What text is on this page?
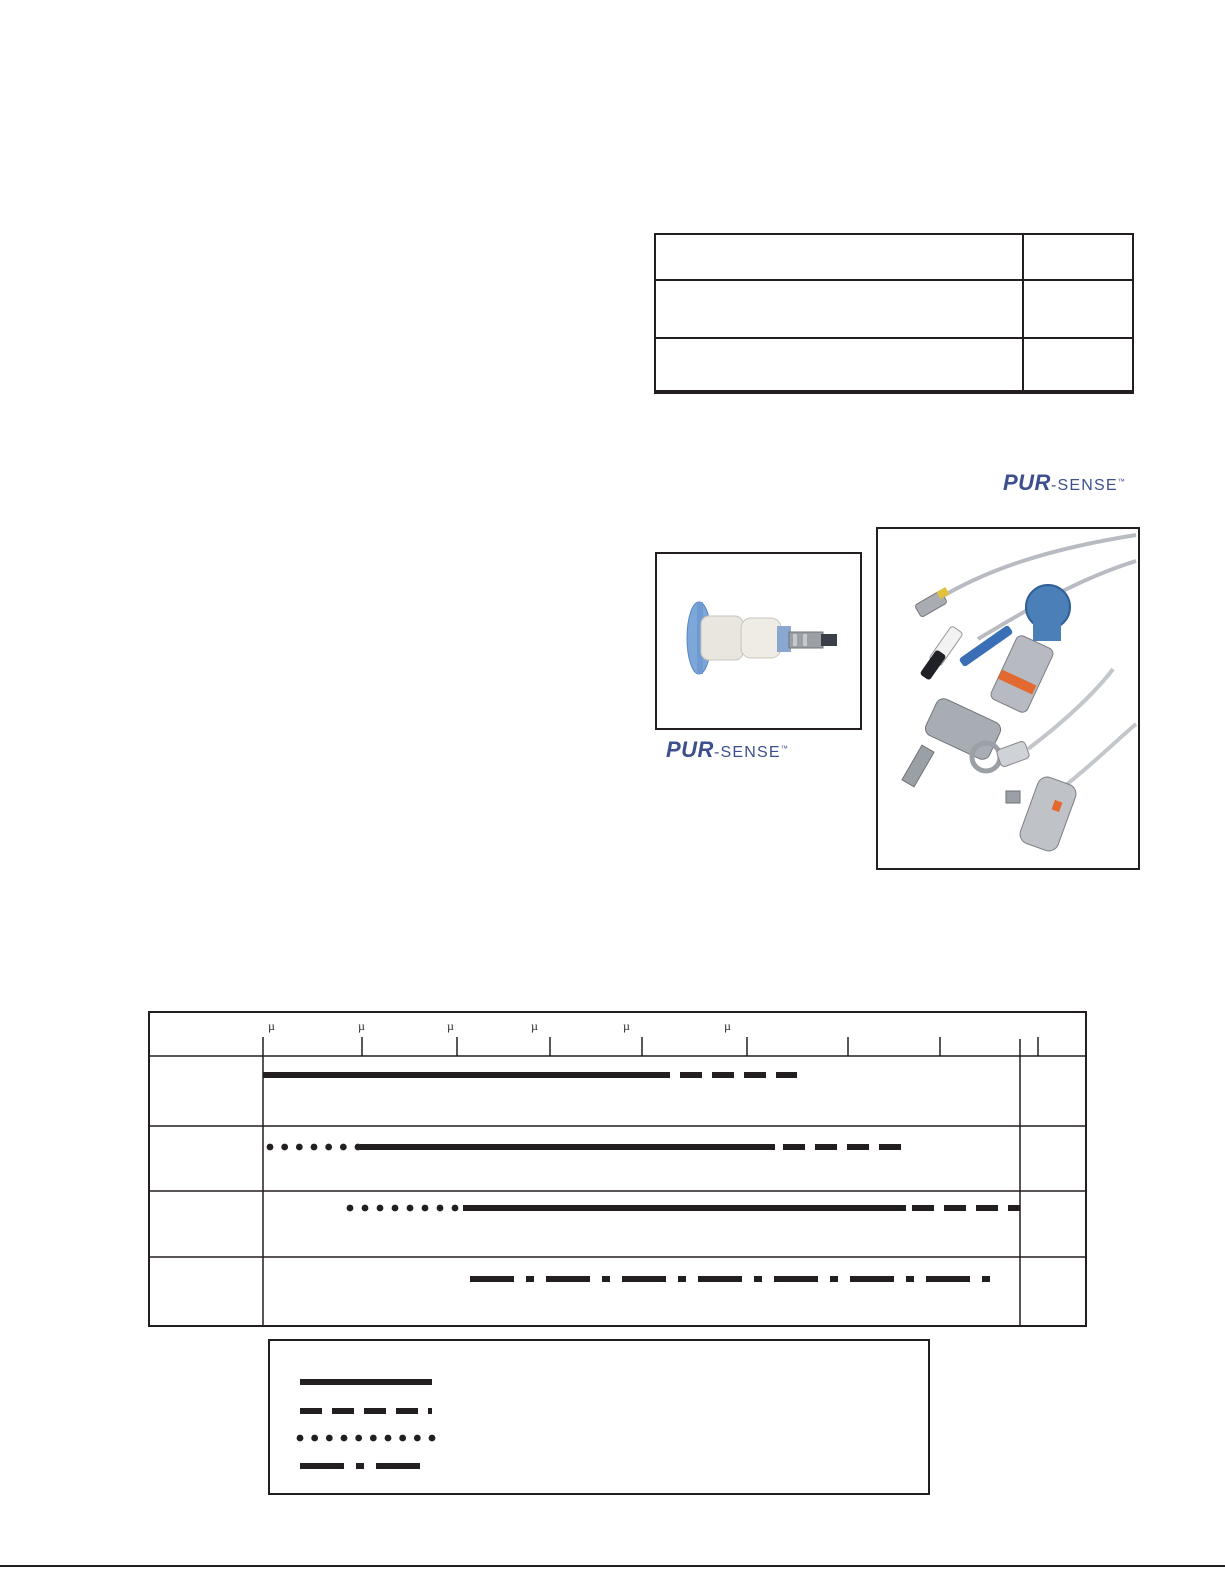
PUR-SENSE™
PUR-SENSE™
µ	µ	µ	µ	µ	µ
